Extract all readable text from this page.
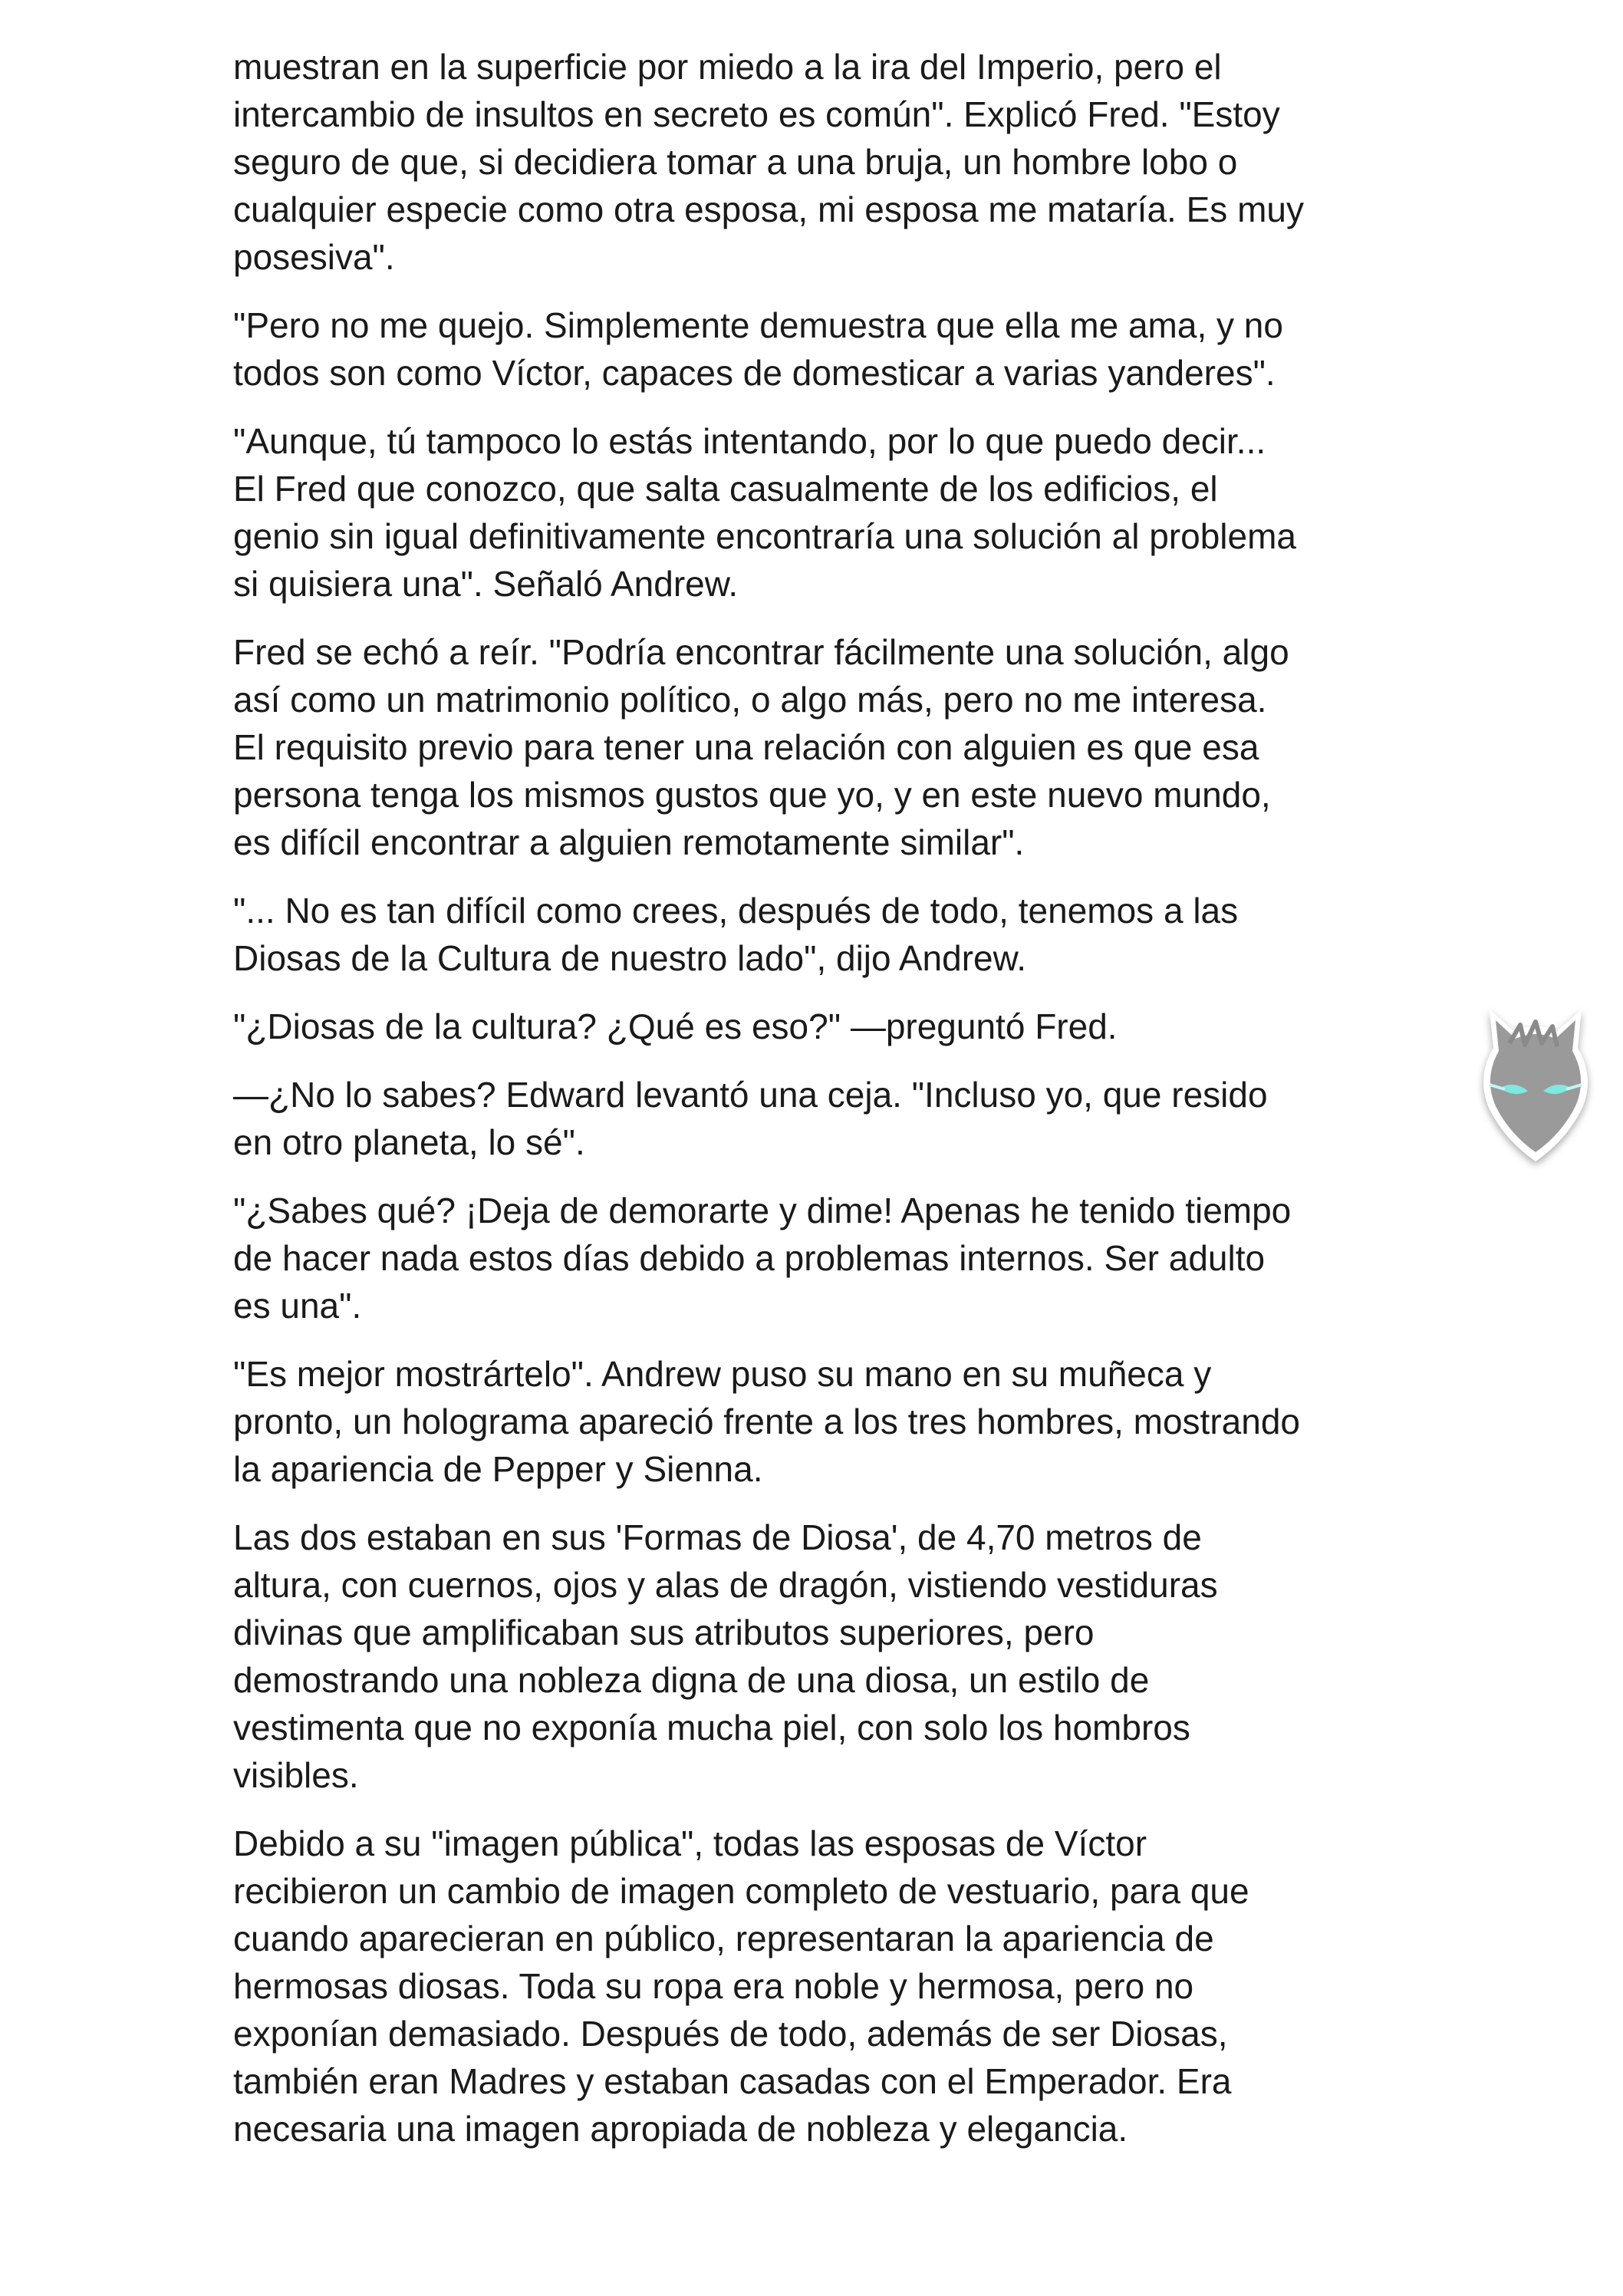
muestran en la superficie por miedo a la ira del Imperio, pero el
intercambio de insultos en secreto es común". Explicó Fred. "Estoy
seguro de que, si decidiera tomar a una bruja, un hombre lobo o
cualquier especie como otra esposa, mi esposa me mataría. Es muy
posesiva".

"Pero no me quejo. Simplemente demuestra que ella me ama, y no
todos son como Víctor, capaces de domesticar a varias yanderes".

"Aunque, tú tampoco lo estás intentando, por lo que puedo decir...
El Fred que conozco, que salta casualmente de los edificios, el
genio sin igual definitivamente encontraría una solución al problema
si quisiera una". Señaló Andrew.

Fred se echó a reír. "Podría encontrar fácilmente una solución, algo
así como un matrimonio político, o algo más, pero no me interesa.
El requisito previo para tener una relación con alguien es que esa
persona tenga los mismos gustos que yo, y en este nuevo mundo,
es difícil encontrar a alguien remotamente similar".

"... No es tan difícil como crees, después de todo, tenemos a las
Diosas de la Cultura de nuestro lado", dijo Andrew.

"¿Diosas de la cultura? ¿Qué es eso?" —preguntó Fred.

—¿No lo sabes? Edward levantó una ceja. "Incluso yo, que resido
en otro planeta, lo sé".

"¿Sabes qué? ¡Deja de demorarte y dime! Apenas he tenido tiempo
de hacer nada estos días debido a problemas internos. Ser adulto
es una".

"Es mejor mostrártelo". Andrew puso su mano en su muñeca y
pronto, un holograma apareció frente a los tres hombres, mostrando
la apariencia de Pepper y Sienna.

Las dos estaban en sus 'Formas de Diosa', de 4,70 metros de
altura, con cuernos, ojos y alas de dragón, vistiendo vestiduras
divinas que amplificaban sus atributos superiores, pero
demostrando una nobleza digna de una diosa, un estilo de
vestimenta que no exponía mucha piel, con solo los hombros
visibles.

Debido a su "imagen pública", todas las esposas de Víctor
recibieron un cambio de imagen completo de vestuario, para que
cuando aparecieran en público, representaran la apariencia de
hermosas diosas. Toda su ropa era noble y hermosa, pero no
exponían demasiado. Después de todo, además de ser Diosas,
también eran Madres y estaban casadas con el Emperador. Era
necesaria una imagen apropiada de nobleza y elegancia.
